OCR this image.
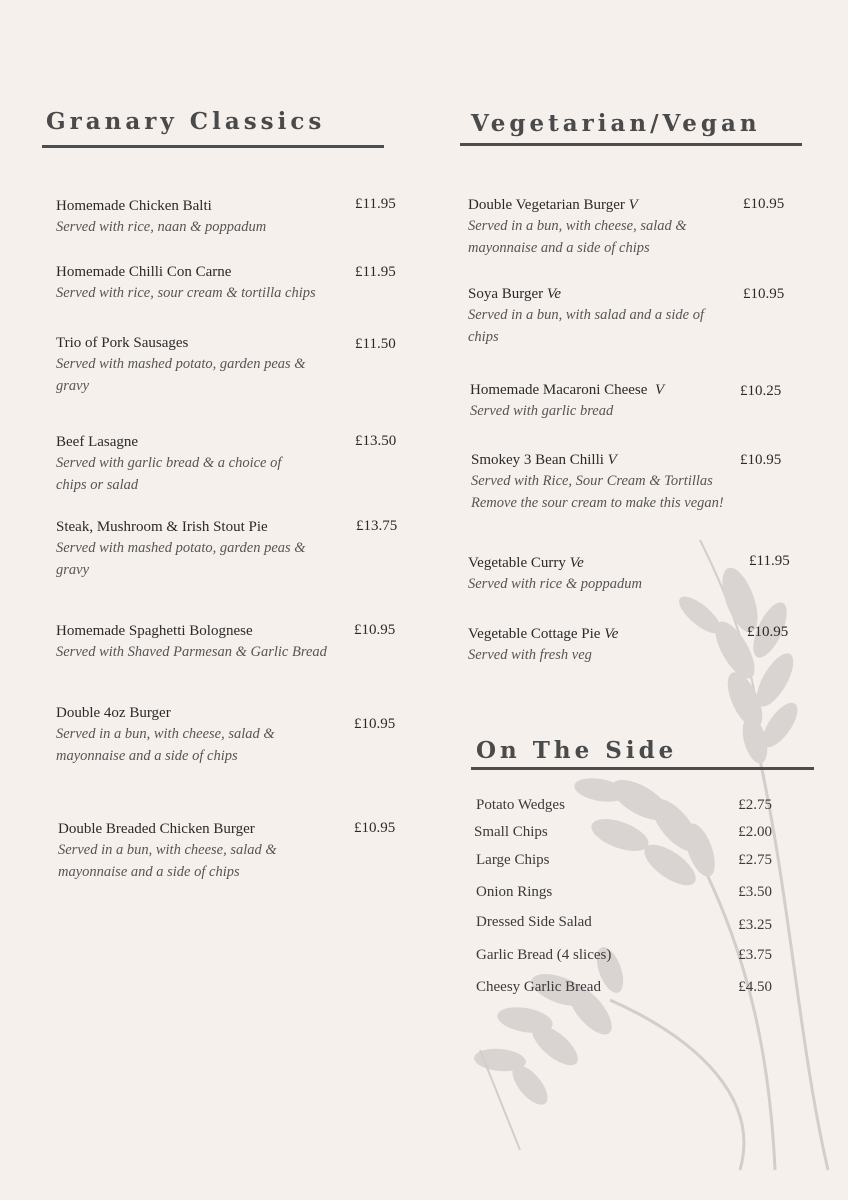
Granary Classics	Vegetarian/Vegan
On The Side
Homemade Chicken Balti
Served with rice, naan & poppadum
£11.95
Homemade Chilli Con Carne
Served with rice, sour cream & tortilla chips
£11.95
Trio of Pork Sausages
Served with mashed potato, garden peas & gravy
£11.50
Beef Lasagne
Served with garlic bread & a choice of chips or salad
£13.50
Steak, Mushroom & Irish Stout Pie
Served with mashed potato, garden peas & gravy
£13.75
Homemade Spaghetti Bolognese
Served with Shaved Parmesan & Garlic Bread
£10.95
Double 4oz Burger
Served in a bun, with cheese, salad & mayonnaise and a side of chips
£10.95
Double Breaded Chicken Burger
Served in a bun, with cheese, salad & mayonnaise and a side of chips
£10.95
Double Vegetarian Burger V
Served in a bun, with cheese, salad & mayonnaise and a side of chips
£10.95
Soya Burger Ve
Served in a bun, with salad and a side of chips
£10.95
Homemade Macaroni Cheese V
Served with garlic bread
£10.25
Smokey 3 Bean Chilli V
Served with Rice, Sour Cream & Tortillas
Remove the sour cream to make this vegan!
£10.95
Vegetable Curry Ve
Served with rice & poppadum
£11.95
Vegetable Cottage Pie Ve
Served with fresh veg
£10.95
Potato Wedges	£2.75
Small Chips	£2.00
Large Chips	£2.75
Onion Rings	£3.50
Dressed Side Salad	£3.25
Garlic Bread (4 slices)	£3.75
Cheesy Garlic Bread	£4.50
